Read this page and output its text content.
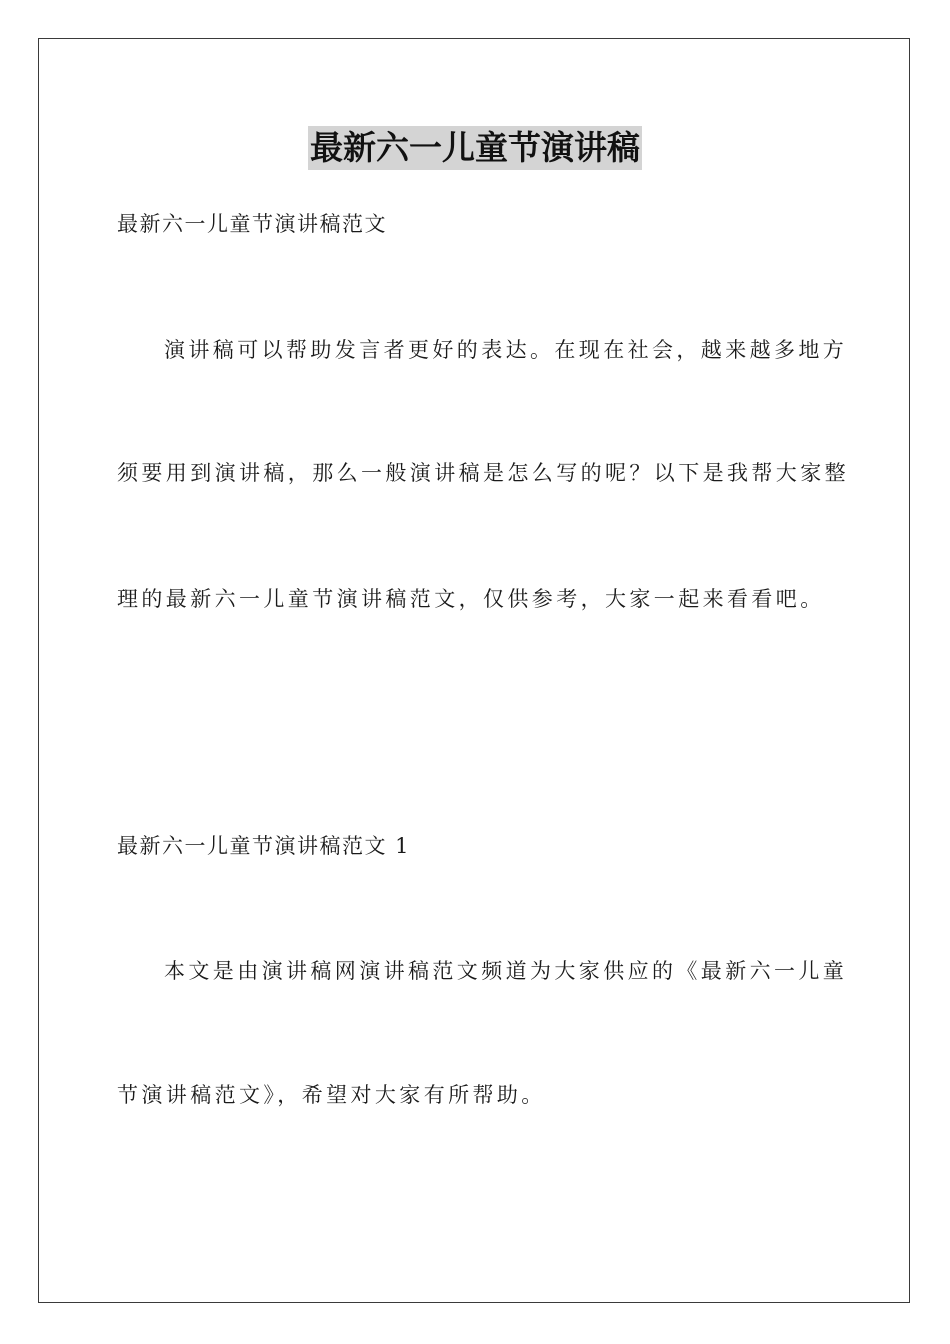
最新六一儿童节演讲稿
最新六一儿童节演讲稿范文
演讲稿可以帮助发言者更好的表达。在现在社会，越来越多地方
须要用到演讲稿，那么一般演讲稿是怎么写的呢？以下是我帮大家整
理的最新六一儿童节演讲稿范文，仅供参考，大家一起来看看吧。
最新六一儿童节演讲稿范文 1
本文是由演讲稿网演讲稿范文频道为大家供应的《最新六一儿童
节演讲稿范文》，希望对大家有所帮助。
